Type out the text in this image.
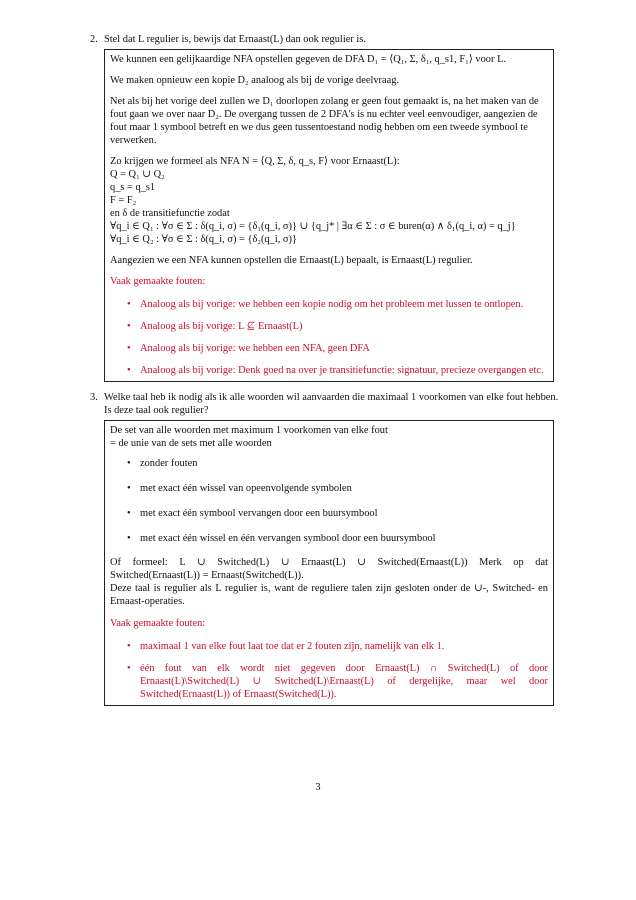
2. Stel dat L regulier is, bewijs dat Ernaast(L) dan ook regulier is.

We kunnen een gelijkaardige NFA opstellen gegeven de DFA D₁ = ⟨Q₁, Σ, δ₁, q_s1, F₁⟩ voor L.

We maken opnieuw een kopie D₂ analoog als bij de vorige deelvraag.

Net als bij het vorige deel zullen we D₁ doorlopen zolang er geen fout gemaakt is, na het maken van de fout gaan we over naar D₂. De overgang tussen de 2 DFA's is nu echter veel eenvoudiger, aangezien de fout maar 1 symbool betreft en we dus geen tussentoestand nodig hebben om een tweede symbool te verwerken.

Zo krijgen we formeel als NFA N = ⟨Q, Σ, δ, q_s, F⟩ voor Ernaast(L):
Q = Q₁ ∪ Q₂
q_s = q_s1
F = F₂
en δ de transitiefunctie zodat
∀q_i ∈ Q₁ : ∀σ ∈ Σ : δ(q_i, σ) = {δ₁(q_i, σ)} ∪ {q_j* | ∃α ∈ Σ : σ ∈ buren(α) ∧ δ₁(q_i, α) = q_j}
∀q_i ∈ Q₂ : ∀σ ∈ Σ : δ(q_i, σ) = {δ₂(q_i, σ)}

Aangezien we een NFA kunnen opstellen die Ernaast(L) bepaalt, is Ernaast(L) regulier.

Vaak gemaakte fouten:

• Analoog als bij vorige: we hebben een kopie nodig om het probleem met lussen te ontlopen.
• Analoog als bij vorige: L ⊈ Ernaast(L)
• Analoog als bij vorige: we hebben een NFA, geen DFA
• Analoog als bij vorige: Denk goed na over je transitiefunctie: signatuur, precieze overgangen etc.
3. Welke taal heb ik nodig als ik alle woorden wil aanvaarden die maximaal 1 voorkomen van elke fout hebben.
Is deze taal ook regulier?
De set van alle woorden met maximum 1 voorkomen van elke fout
= de unie van de sets met alle woorden
• zonder fouten
• met exact één wissel van opeenvolgende symbolen
• met exact één symbool vervangen door een buursymbool
• met exact één wissel en één vervangen symbool door een buursymbool
Of formeel: L ∪ Switched(L) ∪ Ernaast(L) ∪ Switched(Ernaast(L)) Merk op dat
Switched(Ernaast(L)) = Ernaast(Switched(L)).
Deze taal is regulier als L regulier is, want de reguliere talen zijn gesloten onder de ∪-, Switched- en
Ernaast-operaties.

Vaak gemaakte fouten:

• maximaal 1 van elke fout laat toe dat er 2 fouten zijn, namelijk van elk 1.
• één fout van elk wordt niet gegeven door Ernaast(L) ∩ Switched(L) of door Ernaast(L)\Switched(L) ∪ Switched(L)\Ernaast(L) of dergelijke, maar wel door Switched(Ernaast(L)) of Ernaast(Switched(L)).
3
